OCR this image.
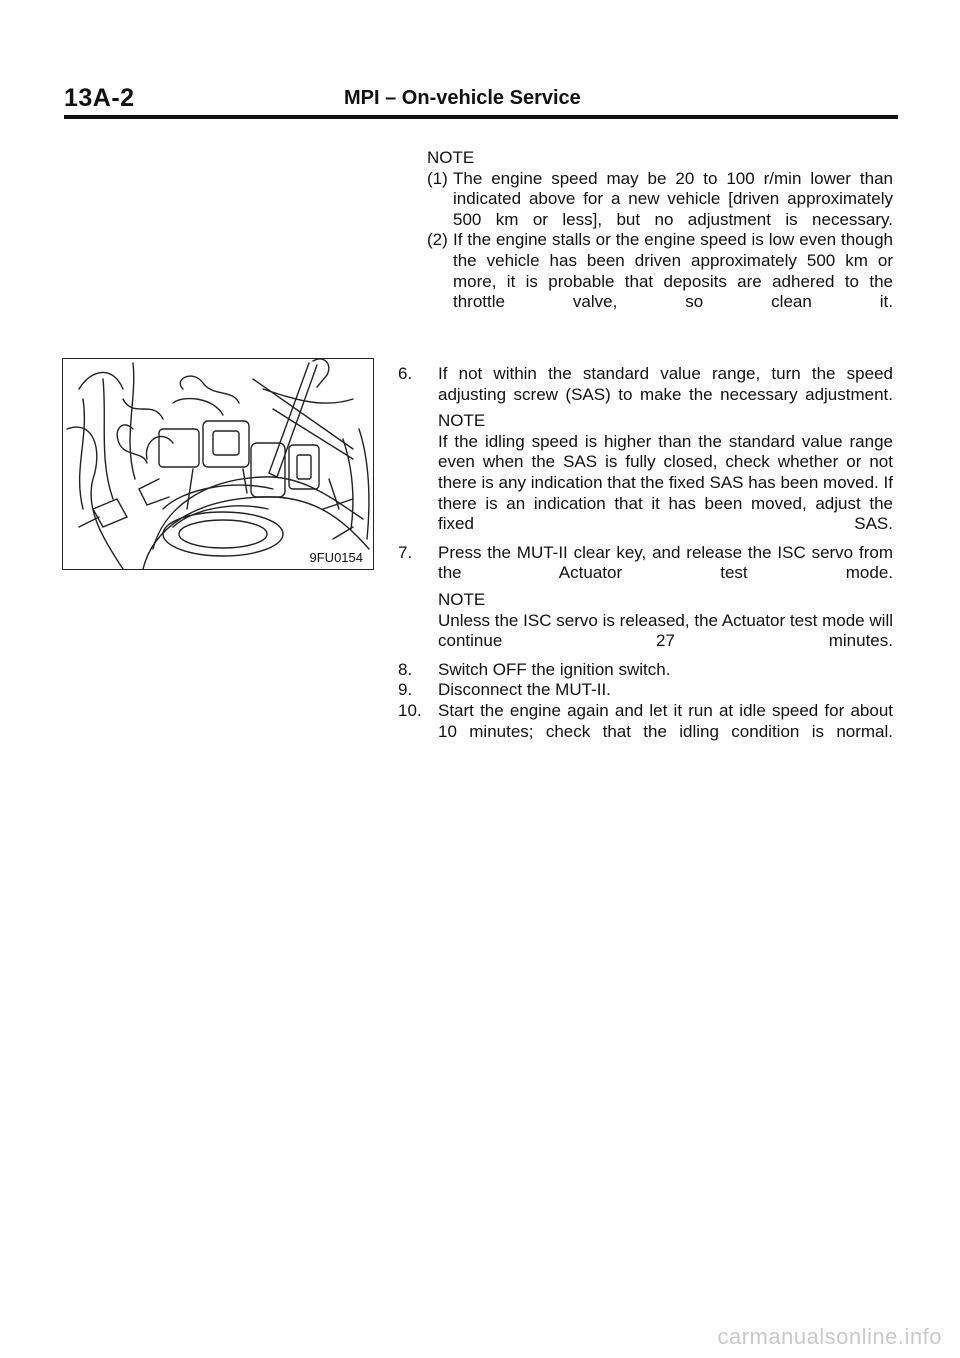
13A-2	MPI – On-vehicle Service
NOTE
(1) The engine speed may be 20 to 100 r/min lower than indicated above for a new vehicle [driven approximately 500 km or less], but no adjustment is necessary.
(2) If the engine stalls or the engine speed is low even though the vehicle has been driven approximately 500 km or more, it is probable that deposits are adhered to the throttle valve, so clean it.
9FU0154
6. If not within the standard value range, turn the speed adjusting screw (SAS) to make the necessary adjustment.
NOTE
If the idling speed is higher than the standard value range even when the SAS is fully closed, check whether or not there is any indication that the fixed SAS has been moved. If there is an indication that it has been moved, adjust the fixed SAS.
7. Press the MUT-II clear key, and release the ISC servo from the Actuator test mode.
NOTE
Unless the ISC servo is released, the Actuator test mode will continue 27 minutes.
8. Switch OFF the ignition switch.
9. Disconnect the MUT-II.
10. Start the engine again and let it run at idle speed for about 10 minutes; check that the idling condition is normal.
carmanualsonline.info
